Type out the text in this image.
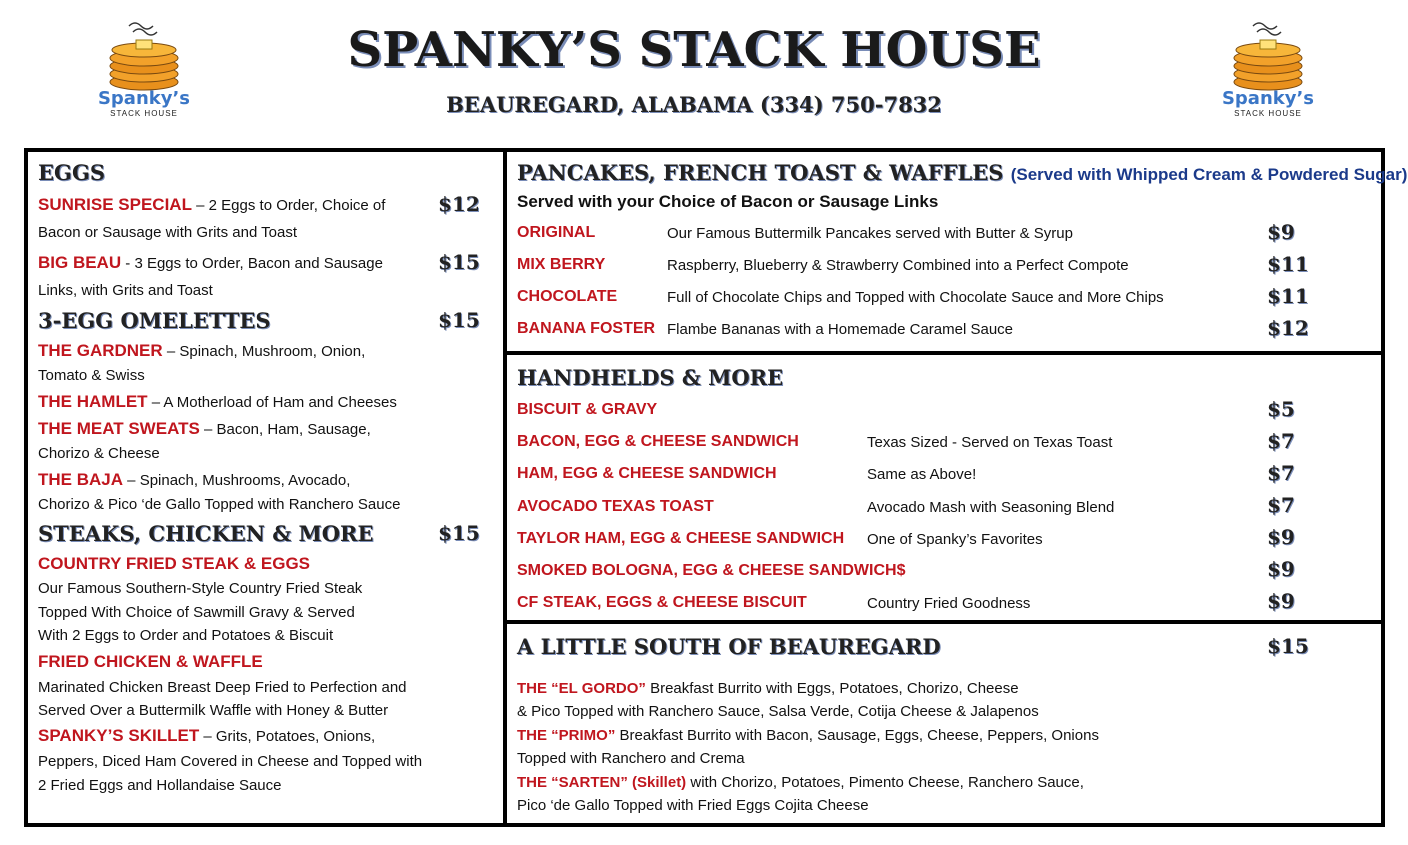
SPANKY’S STACK HOUSE
BEAUREGARD, ALABAMA (334) 750-7832
Spanky’s
STACK HOUSE
Spanky’s
STACK HOUSE
EGGS
SUNRISE SPECIAL – 2 Eggs to Order, Choice of	$12
Bacon or Sausage with Grits and Toast
BIG BEAU - 3 Eggs to Order, Bacon and Sausage	$15
Links, with Grits and Toast
3-EGG OMELETTES	$15
THE GARDNER – Spinach, Mushroom, Onion,
Tomato & Swiss
THE HAMLET – A Motherload of Ham and Cheeses
THE MEAT SWEATS – Bacon, Ham, Sausage,
Chorizo & Cheese
THE BAJA – Spinach, Mushrooms, Avocado,
Chorizo & Pico ‘de Gallo Topped with Ranchero Sauce
STEAKS, CHICKEN & MORE	$15
COUNTRY FRIED STEAK & EGGS
Our Famous Southern-Style Country Fried Steak
Topped With Choice of Sawmill Gravy & Served
With 2 Eggs to Order and Potatoes & Biscuit
FRIED CHICKEN & WAFFLE
Marinated Chicken Breast Deep Fried to Perfection and
Served Over a Buttermilk Waffle with Honey & Butter
SPANKY’S SKILLET – Grits, Potatoes, Onions,
Peppers, Diced Ham Covered in Cheese and Topped with
2 Fried Eggs and Hollandaise Sauce
PANCAKES, FRENCH TOAST & WAFFLES (Served with Whipped Cream & Powdered Sugar)
Served with your Choice of Bacon or Sausage Links
ORIGINAL	Our Famous Buttermilk Pancakes served with Butter & Syrup	$9
MIX BERRY	Raspberry, Blueberry & Strawberry Combined into a Perfect Compote	$11
CHOCOLATE	Full of Chocolate Chips and Topped with Chocolate Sauce and More Chips	$11
BANANA FOSTER Flambe Bananas with a Homemade Caramel Sauce	$12
HANDHELDS & MORE
BISCUIT & GRAVY	$5
BACON, EGG & CHEESE SANDWICH	Texas Sized - Served on Texas Toast	$7
HAM, EGG & CHEESE SANDWICH	Same as Above!	$7
AVOCADO TEXAS TOAST	Avocado Mash with Seasoning Blend	$7
TAYLOR HAM, EGG & CHEESE SANDWICH One of Spanky’s Favorites	$9
SMOKED BOLOGNA, EGG & CHEESE SANDWICH$	$9
CF STEAK, EGGS & CHEESE BISCUIT	Country Fried Goodness	$9
A LITTLE SOUTH OF BEAUREGARD	$15
THE “EL GORDO” Breakfast Burrito with Eggs, Potatoes, Chorizo, Cheese
& Pico Topped with Ranchero Sauce, Salsa Verde, Cotija Cheese & Jalapenos
THE “PRIMO” Breakfast Burrito with Bacon, Sausage, Eggs, Cheese, Peppers, Onions
Topped with Ranchero and Crema
THE “SARTEN” (Skillet) with Chorizo, Potatoes, Pimento Cheese, Ranchero Sauce,
Pico ‘de Gallo Topped with Fried Eggs Cojita Cheese
